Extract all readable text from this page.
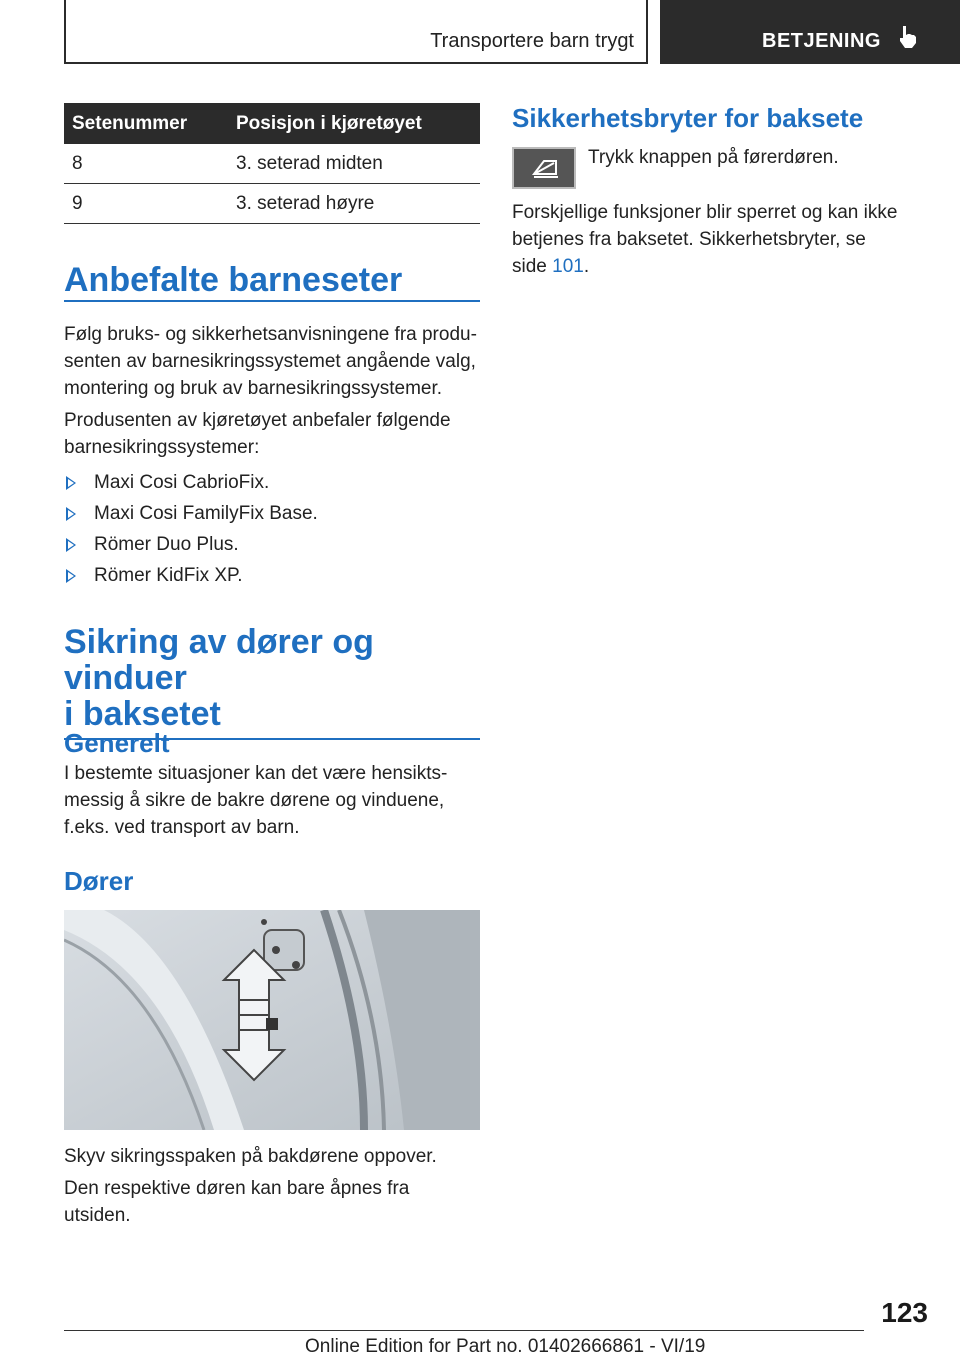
Transportere barn trygt	BETJENING
Setenummer	Posisjon i kjøretøyet
8	3. seterad midten
9	3. seterad høyre
Anbefalte barneseter

Følg bruks- og sikkerhetsanvisningene fra produ-

senten av barnesikringssystemet angående valg,

montering og bruk av barnesikringssystemer.

Produsenten av kjøretøyet anbefaler følgende

barnesikringssystemer:

Maxi Cosi CabrioFix.
Maxi Cosi FamilyFix Base.
Römer Duo Plus.
Römer KidFix XP.
Sikring av dører og vinduer
i baksetet
Generelt

I bestemte situasjoner kan det være hensikts-

messig å sikre de bakre dørene og vinduene,

f.eks. ved transport av barn.

Dører

Skyv sikringsspaken på bakdørene oppover.

Den respektive døren kan bare åpnes fra utsiden.

Sikkerhetsbryter for baksete

Trykk knappen på førerdøren.

Forskjellige funksjoner blir sperret og kan ikke

betjenes fra baksetet. Sikkerhetsbryter, se

side 101.

123
Online Edition for Part no. 01402666861 - VI/19
